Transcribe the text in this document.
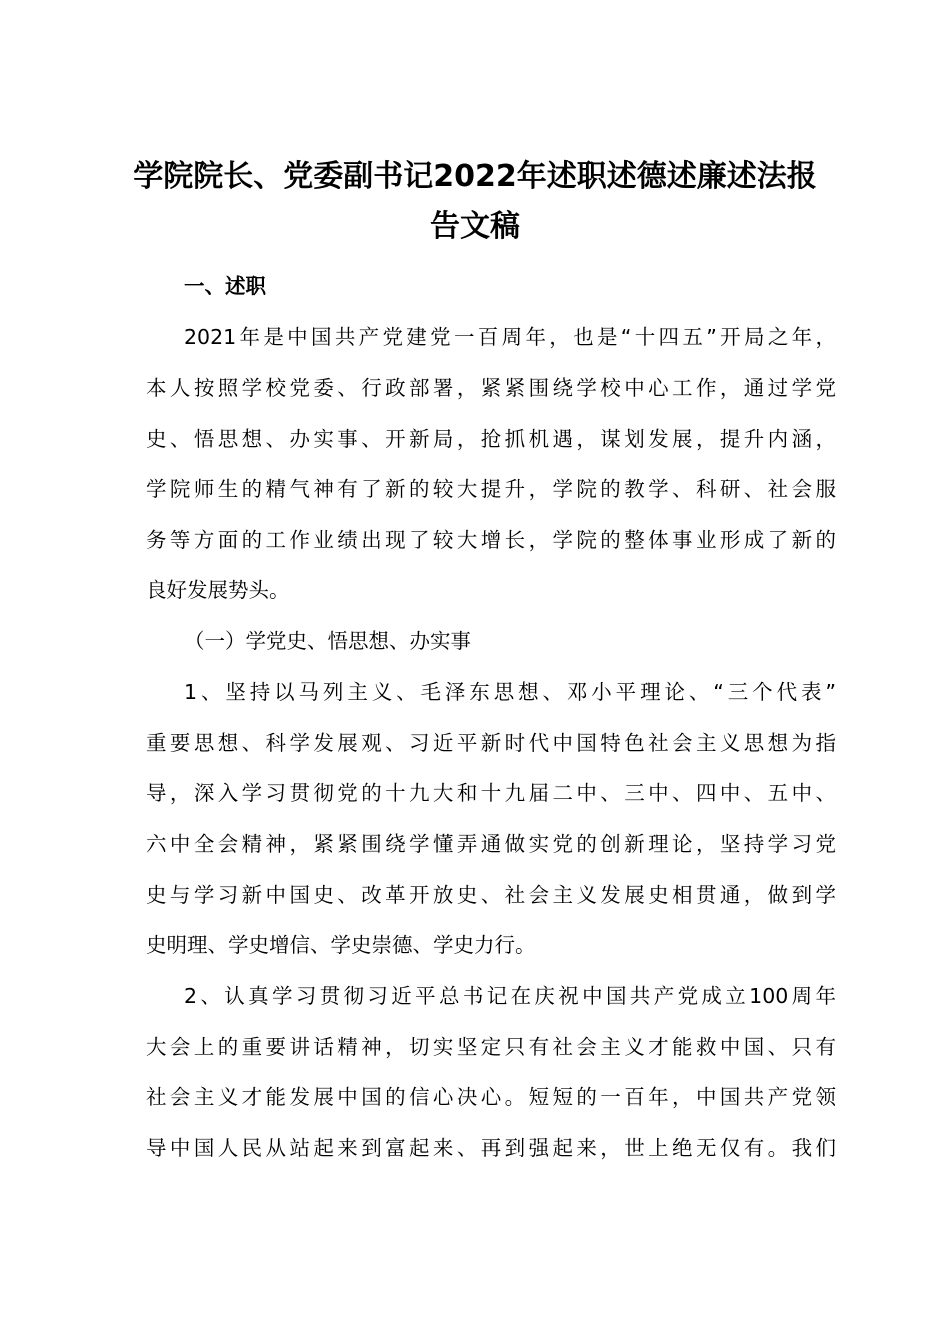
学院院长、党委副书记2022年述职述德述廉述法报
告文稿
一、述职
2021年是中国共产党建党一百周年，也是“十四五”开局之年，
本人按照学校党委、行政部署，紧紧围绕学校中心工作，通过学党
史、悟思想、办实事、开新局，抢抓机遇，谋划发展，提升内涵，
学院师生的精气神有了新的较大提升，学院的教学、科研、社会服
务等方面的工作业绩出现了较大增长，学院的整体事业形成了新的
良好发展势头。
（一）学党史、悟思想、办实事
1、坚持以马列主义、毛泽东思想、邓小平理论、“三个代表”
重要思想、科学发展观、习近平新时代中国特色社会主义思想为指
导，深入学习贯彻党的十九大和十九届二中、三中、四中、五中、
六中全会精神，紧紧围绕学懂弄通做实党的创新理论，坚持学习党
史与学习新中国史、改革开放史、社会主义发展史相贯通，做到学
史明理、学史增信、学史崇德、学史力行。
2、认真学习贯彻习近平总书记在庆祝中国共产党成立100周年
大会上的重要讲话精神，切实坚定只有社会主义才能救中国、只有
社会主义才能发展中国的信心决心。短短的一百年，中国共产党领
导中国人民从站起来到富起来、再到强起来，世上绝无仅有。我们
